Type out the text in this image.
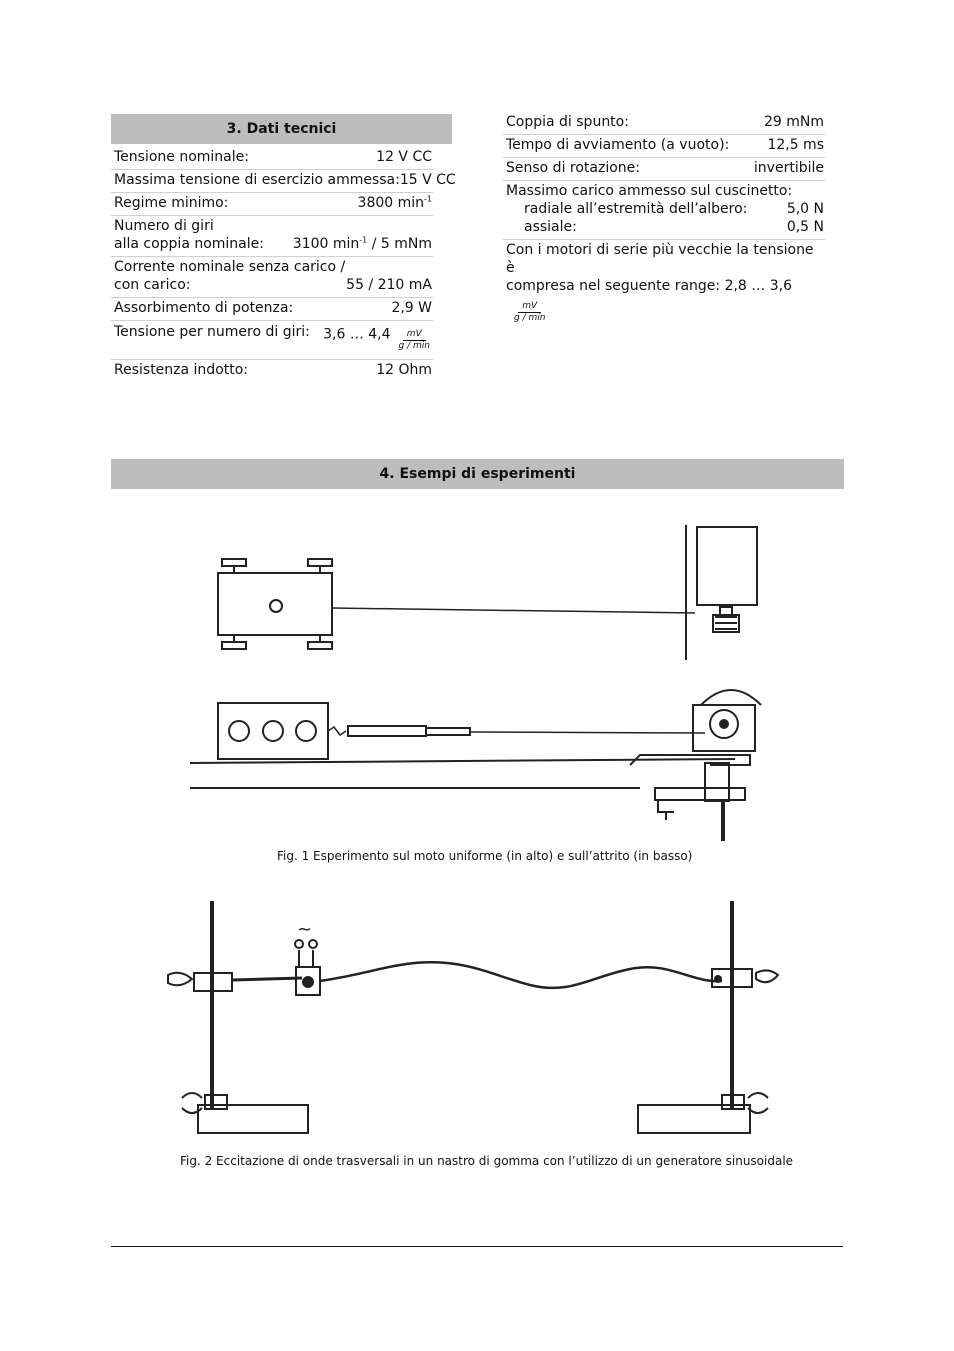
3. Dati tecnici
Tensione nominale:	12 V CC
Massima tensione di esercizio ammessa: 15 V CC
Regime minimo:	3800 $\min^{-1}$
Numero di giri
alla coppia nominale: 3100 $\min^{-1} / 5$ mNm
Corrente nominale senza carico /
con carico:	55 / 210 mA
Assorbimento di potenza:	2,9 W
Tensione per numero di giri: 3,6 … $4,4 \frac{mV}{g / \min}$
Resistenza indotto:	12 Ohm
Coppia di spunto:	29 mNm
Tempo di avviamento (a vuoto):	12,5 ms
Senso di rotazione:	invertibile
Massimo carico ammesso sul cuscinetto:
radiale all’estremità dell’albero:	5,0 N
assiale:	0,5 N
Con i motori di serie più vecchie la tensione è
compresa nel seguente range: 2,8 … 3,6
$\frac{mV}{g / \min}$
4. Esempi di esperimenti
Fig. 1 Esperimento sul moto uniforme (in alto) e sull’attrito (in basso)
~
Fig. 2 Eccitazione di onde trasversali in un nastro di gomma con l’utilizzo di un generatore sinusoidale
